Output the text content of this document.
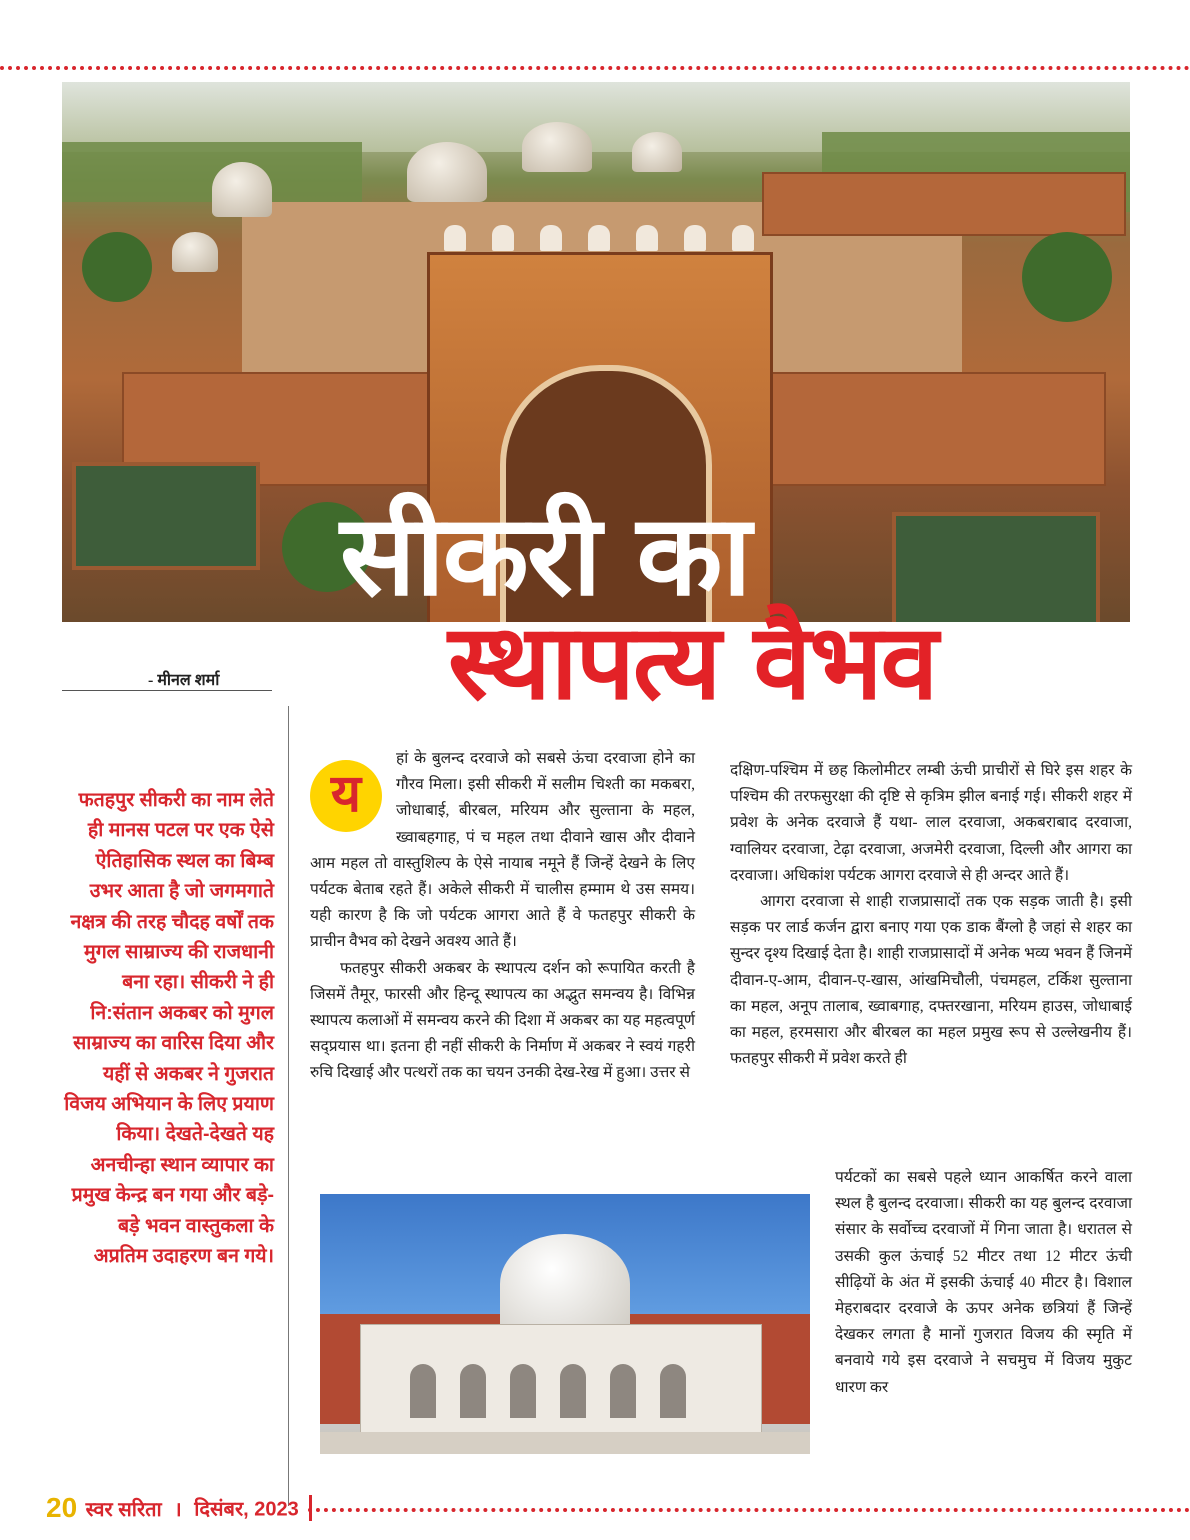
सीकरी का
स्थापत्य वैभव
- मीनल शर्मा
फतहपुर सीकरी का नाम लेते ही मानस पटल पर एक ऐसे ऐतिहासिक स्थल का बिम्ब उभर आता है जो जगमगाते नक्षत्र की तरह चौदह वर्षों तक मुगल साम्राज्य की राजधानी बना रहा। सीकरी ने ही नि:संतान अकबर को मुगल साम्राज्य का वारिस दिया और यहीं से अकबर ने गुजरात विजय अभियान के लिए प्रयाण किया। देखते-देखते यह अनचीन्हा स्थान व्यापार का प्रमुख केन्द्र बन गया और बड़े-बड़े भवन वास्तुकला के अप्रतिम उदाहरण बन गये।
य

हां के बुलन्द दरवाजे को सबसे ऊंचा दरवाजा होने का गौरव मिला। इसी सीकरी में सलीम चिश्ती का मकबरा, जोधाबाई, बीरबल, मरियम और सुल्ताना के महल, ख्वाबहगाह, पं च महल तथा दीवाने खास और दीवाने आम महल तो वास्तुशिल्प के ऐसे नायाब नमूने हैं जिन्हें देखने के लिए पर्यटक बेताब रहते हैं। अकेले सीकरी में चालीस हम्माम थे उस समय। यही कारण है कि जो पर्यटक आगरा आते हैं वे फतहपुर सीकरी के प्राचीन वैभव को देखने अवश्य आते हैं।

फतहपुर सीकरी अकबर के स्थापत्य दर्शन को रूपायित करती है जिसमें तैमूर, फारसी और हिन्दू स्थापत्य का अद्भुत समन्वय है। विभिन्न स्थापत्य कलाओं में समन्वय करने की दिशा में अकबर का यह महत्वपूर्ण सद्प्रयास था। इतना ही नहीं सीकरी के निर्माण में अकबर ने स्वयं गहरी रुचि दिखाई और पत्थरों तक का चयन उनकी देख-रेख में हुआ। उत्तर से

दक्षिण-पश्चिम में छह किलोमीटर लम्बी ऊंची प्राचीरों से घिरे इस शहर के पश्चिम की तरफसुरक्षा की दृष्टि से कृत्रिम झील बनाई गई। सीकरी शहर में प्रवेश के अनेक दरवाजे हैं यथा- लाल दरवाजा, अकबराबाद दरवाजा, ग्वालियर दरवाजा, टेढ़ा दरवाजा, अजमेरी दरवाजा, दिल्ली और आगरा का दरवाजा। अधिकांश पर्यटक आगरा दरवाजे से ही अन्दर आते हैं।

आगरा दरवाजा से शाही राजप्रासादों तक एक सड़क जाती है। इसी सड़क पर लार्ड कर्जन द्वारा बनाए गया एक डाक बैंग्लो है जहां से शहर का सुन्दर दृश्य दिखाई देता है। शाही राजप्रासादों में अनेक भव्य भवन हैं जिनमें दीवान-ए-आम, दीवान-ए-खास, आंखमिचौली, पंचमहल, टर्किश सुल्ताना का महल, अनूप तालाब, ख्वाबगाह, दफ्तरखाना, मरियम हाउस, जोधाबाई का महल, हरमसारा और बीरबल का महल प्रमुख रूप से उल्लेखनीय हैं। फतहपुर सीकरी में प्रवेश करते ही

पर्यटकों का सबसे पहले ध्यान आकर्षित करने वाला स्थल है बुलन्द दरवाजा। सीकरी का यह बुलन्द दरवाजा संसार के सर्वोच्च दरवाजों में गिना जाता है। धरातल से उसकी कुल ऊंचाई 52 मीटर तथा 12 मीटर ऊंची सीढ़ियों के अंत में इसकी ऊंचाई 40 मीटर है। विशाल मेहराबदार दरवाजे के ऊपर अनेक छत्रियां हैं जिन्हें देखकर लगता है मानों गुजरात विजय की स्मृति में बनवाये गये इस दरवाजे ने सचमुच में विजय मुकुट धारण कर

20 स्वर सरिता । दिसंबर, 2023
